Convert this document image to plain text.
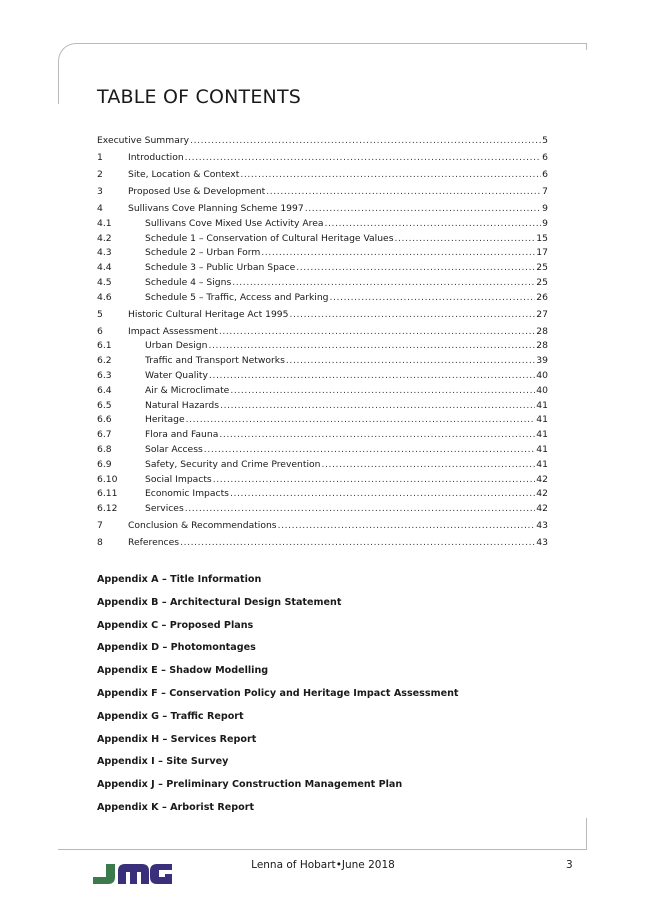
TABLE OF CONTENTS
Executive Summary .....	5
1	Introduction .....	6
2	Site, Location & Context .....	6
3	Proposed Use & Development .....	7
4	Sullivans Cove Planning Scheme 1997 .....	9
4.1	Sullivans Cove Mixed Use Activity Area .....	9
4.2	Schedule 1 – Conservation of Cultural Heritage Values .....	15
4.3	Schedule 2 – Urban Form .....	17
4.4	Schedule 3 – Public Urban Space .....	25
4.5	Schedule 4 – Signs .....	25
4.6	Schedule 5 – Traffic, Access and Parking .....	26
5	Historic Cultural Heritage Act 1995 .....	27
6	Impact Assessment .....	28
6.1	Urban Design .....	28
6.2	Traffic and Transport Networks .....	39
6.3	Water Quality .....	40
6.4	Air & Microclimate .....	40
6.5	Natural Hazards .....	41
6.6	Heritage .....	41
6.7	Flora and Fauna .....	41
6.8	Solar Access .....	41
6.9	Safety, Security and Crime Prevention .....	41
6.10	Social Impacts .....	42
6.11	Economic Impacts .....	42
6.12	Services .....	42
7	Conclusion & Recommendations .....	43
8	References .....	43
Appendix A – Title Information
Appendix B – Architectural Design Statement
Appendix C – Proposed Plans
Appendix D – Photomontages
Appendix E – Shadow Modelling
Appendix F – Conservation Policy and Heritage Impact Assessment
Appendix G – Traffic Report
Appendix H – Services Report
Appendix I – Site Survey
Appendix J – Preliminary Construction Management Plan
Appendix K – Arborist Report
Lenna of Hobart•June 2018	3
